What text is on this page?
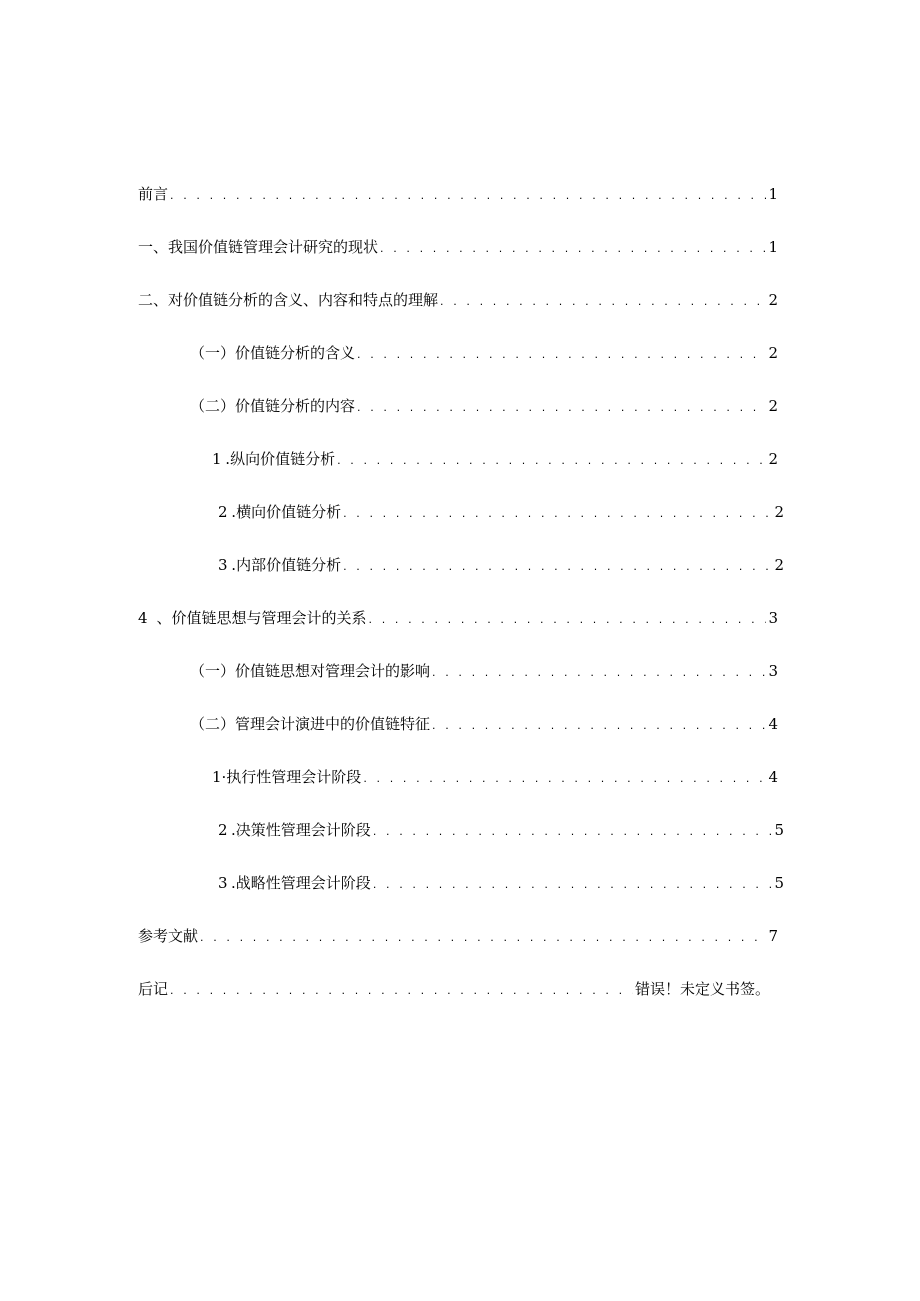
前言 . . .	1
一、我国价值链管理会计研究的现状 . . .	1
二、对价值链分析的含义、内容和特点的理解 . . .	2
（一）价值链分析的含义 . . .	2
（二）价值链分析的内容 . . .	2
1 .纵向价值链分析 . . .	2
2 .横向价值链分析 . . .	2
3 .内部价值链分析 . . .	2
4 、价值链思想与管理会计的关系 . . .	3
（一）价值链思想对管理会计的影响 . . .	3
（二）管理会计演进中的价值链特征 . . .	4
1·执行性管理会计阶段 . . .	4
2 .决策性管理会计阶段 . . .	5
3 .战略性管理会计阶段 . . .	5
参考文献 . . .	7
后记 . . .	错误！未定义书签。
